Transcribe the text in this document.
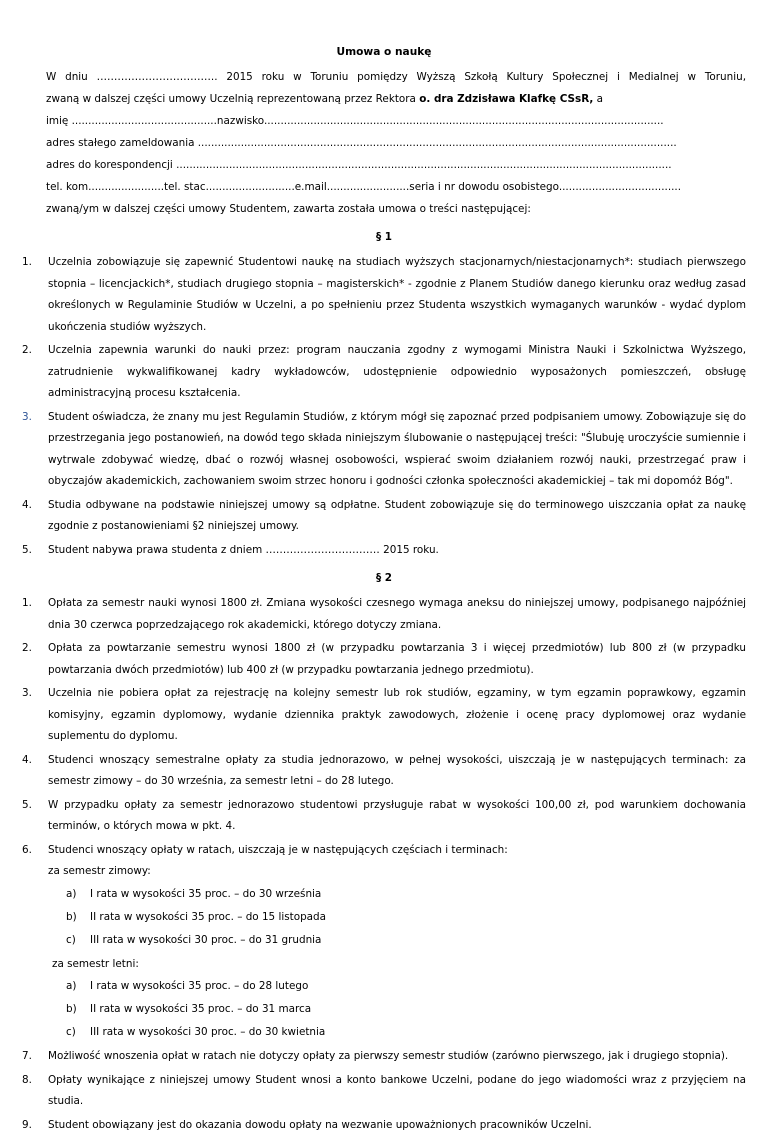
Umowa o naukę

W dniu …………………………….. 2015 roku w Toruniu pomiędzy Wyższą Szkołą Kultury Społecznej i Medialnej w Toruniu,

zwaną w dalszej części umowy Uczelnią reprezentowaną przez Rektora o. dra Zdzisława Klafkę CSsR, a

imię ............................................nazwisko.........................................................................................................................

adres stałego zameldowania .................................................................................................................................................

adres do korespondencji ......................................................................................................................................................

tel. kom.......................tel. stac...........................e.mail.........................seria i nr dowodu osobistego.....................................

zwaną/ym w dalszej części umowy Studentem, zawarta została umowa o treści następującej:

§ 1
1. Uczelnia zobowiązuje się zapewnić Studentowi naukę na studiach wyższych stacjonarnych/niestacjonarnych*: studiach pierwszego stopnia – licencjackich*, studiach drugiego stopnia – magisterskich* - zgodnie z Planem Studiów danego kierunku oraz według zasad określonych w Regulaminie Studiów w Uczelni, a po spełnieniu przez Studenta wszystkich wymaganych warunków - wydać dyplom ukończenia studiów wyższych.
2. Uczelnia zapewnia warunki do nauki przez: program nauczania zgodny z wymogami Ministra Nauki i Szkolnictwa Wyższego, zatrudnienie wykwalifikowanej kadry wykładowców, udostępnienie odpowiednio wyposażonych pomieszczeń, obsługę administracyjną procesu kształcenia.
3. Student oświadcza, że znany mu jest Regulamin Studiów, z którym mógł się zapoznać przed podpisaniem umowy. Zobowiązuje się do przestrzegania jego postanowień, na dowód tego składa niniejszym ślubowanie o następującej treści: "Ślubuję uroczyście sumiennie i wytrwale zdobywać wiedzę, dbać o rozwój własnej osobowości, wspierać swoim działaniem rozwój nauki, przestrzegać praw i obyczajów akademickich, zachowaniem swoim strzec honoru i godności członka społeczności akademickiej – tak mi dopomóż Bóg".
4. Studia odbywane na podstawie niniejszej umowy są odpłatne. Student zobowiązuje się do terminowego uiszczania opłat za naukę zgodnie z postanowieniami §2 niniejszej umowy.
5. Student nabywa prawa studenta z dniem …………………………… 2015 roku.
§ 2
1. Opłata za semestr nauki wynosi 1800 zł. Zmiana wysokości czesnego wymaga aneksu do niniejszej umowy, podpisanego najpóźniej dnia 30 czerwca poprzedzającego rok akademicki, którego dotyczy zmiana.
2. Opłata za powtarzanie semestru wynosi 1800 zł (w przypadku powtarzania 3 i więcej przedmiotów) lub 800 zł (w przypadku powtarzania dwóch przedmiotów) lub 400 zł (w przypadku powtarzania jednego przedmiotu).
3. Uczelnia nie pobiera opłat za rejestrację na kolejny semestr lub rok studiów, egzaminy, w tym egzamin poprawkowy, egzamin komisyjny, egzamin dyplomowy, wydanie dziennika praktyk zawodowych, złożenie i ocenę pracy dyplomowej oraz wydanie suplementu do dyplomu.
4. Studenci wnoszący semestralne opłaty za studia jednorazowo, w pełnej wysokości, uiszczają je w następujących terminach: za semestr zimowy – do 30 września, za semestr letni – do 28 lutego.
5. W przypadku opłaty za semestr jednorazowo studentowi przysługuje rabat w wysokości 100,00 zł, pod warunkiem dochowania terminów, o których mowa w pkt. 4.
6. Studenci wnoszący opłaty w ratach, uiszczają je w następujących częściach i terminach:
za semestr zimowy:
a) I rata w wysokości 35 proc. – do 30 września
b) II rata w wysokości 35 proc. – do 15 listopada
c) III rata w wysokości 30 proc. – do 31 grudnia
za semestr letni:
a) I rata w wysokości 35 proc. – do 28 lutego
b) II rata w wysokości 35 proc. – do 31 marca
c) III rata w wysokości 30 proc. – do 30 kwietnia
7. Możliwość wnoszenia opłat w ratach nie dotyczy opłaty za pierwszy semestr studiów (zarówno pierwszego, jak i drugiego stopnia).
8. Opłaty wynikające z niniejszej umowy Student wnosi a konto bankowe Uczelni, podane do jego wiadomości wraz z przyjęciem na studia.
9. Student obowiązany jest do okazania dowodu opłaty na wezwanie upoważnionych pracowników Uczelni.
